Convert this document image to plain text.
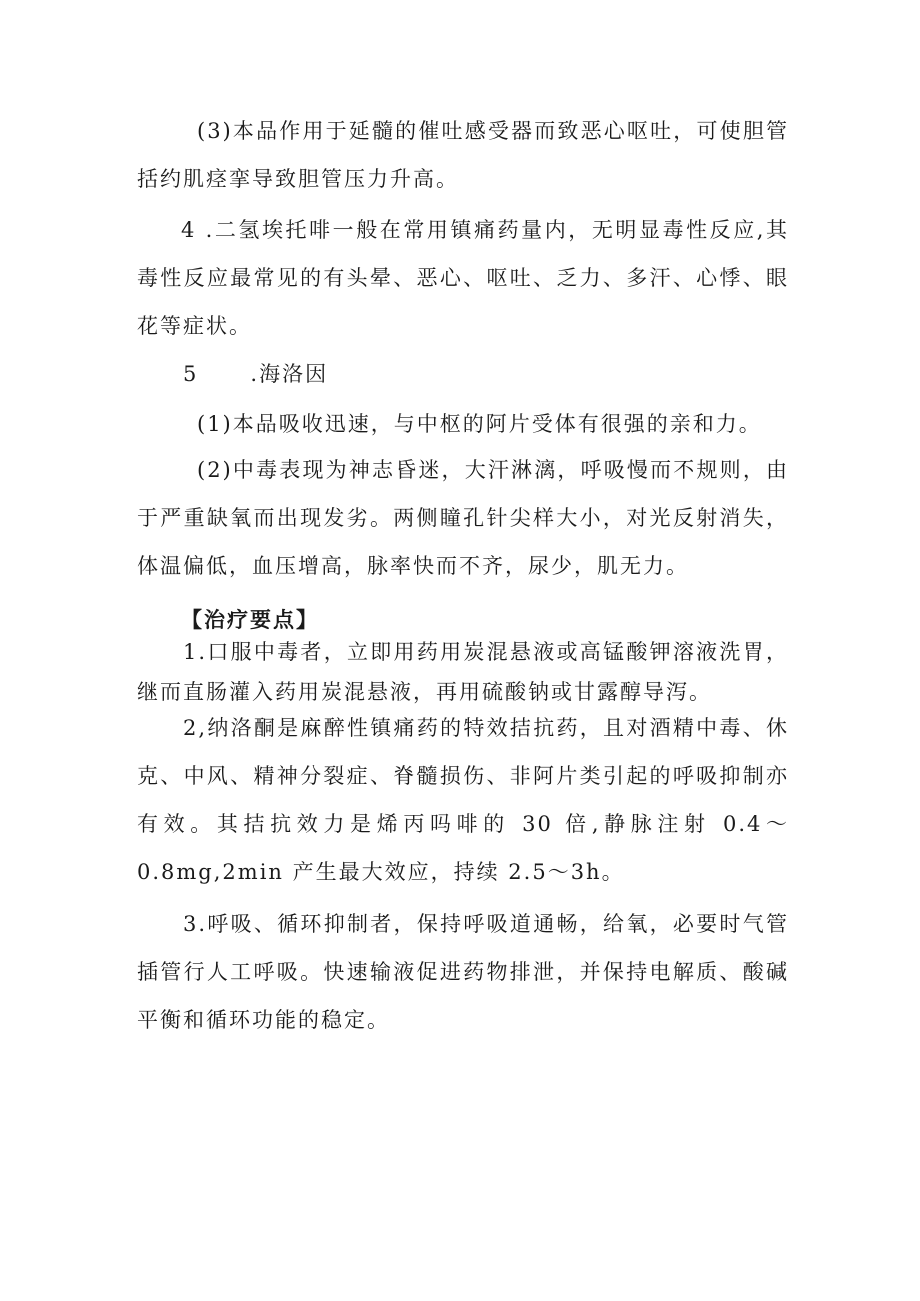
(3)本品作用于延髓的催吐感受器而致恶心呕吐，可使胆管
括约肌痉挛导致胆管压力升高。
4 .二氢埃托啡一般在常用镇痛药量内，无明显毒性反应,其
毒性反应最常见的有头晕、恶心、呕吐、乏力、多汗、心悸、眼
花等症状。
5      .海洛因
(1)本品吸收迅速，与中枢的阿片受体有很强的亲和力。
(2)中毒表现为神志昏迷，大汗淋漓，呼吸慢而不规则，由
于严重缺氧而出现发劣。两侧瞳孔针尖样大小，对光反射消失，
体温偏低，血压增高，脉率快而不齐，尿少，肌无力。
【治疗要点】
1.口服中毒者，立即用药用炭混悬液或高锰酸钾溶液洗胃，
继而直肠灌入药用炭混悬液，再用硫酸钠或甘露醇导泻。
2,纳洛酮是麻醉性镇痛药的特效拮抗药，且对酒精中毒、休
克、中风、精神分裂症、脊髓损伤、非阿片类引起的呼吸抑制亦
有效。其拮抗效力是烯丙吗啡的 30 倍,静脉注射 0.4～
0.8mg,2min 产生最大效应，持续 2.5～3h。
3.呼吸、循环抑制者，保持呼吸道通畅，给氧，必要时气管
插管行人工呼吸。快速输液促进药物排泄，并保持电解质、酸碱
平衡和循环功能的稳定。
